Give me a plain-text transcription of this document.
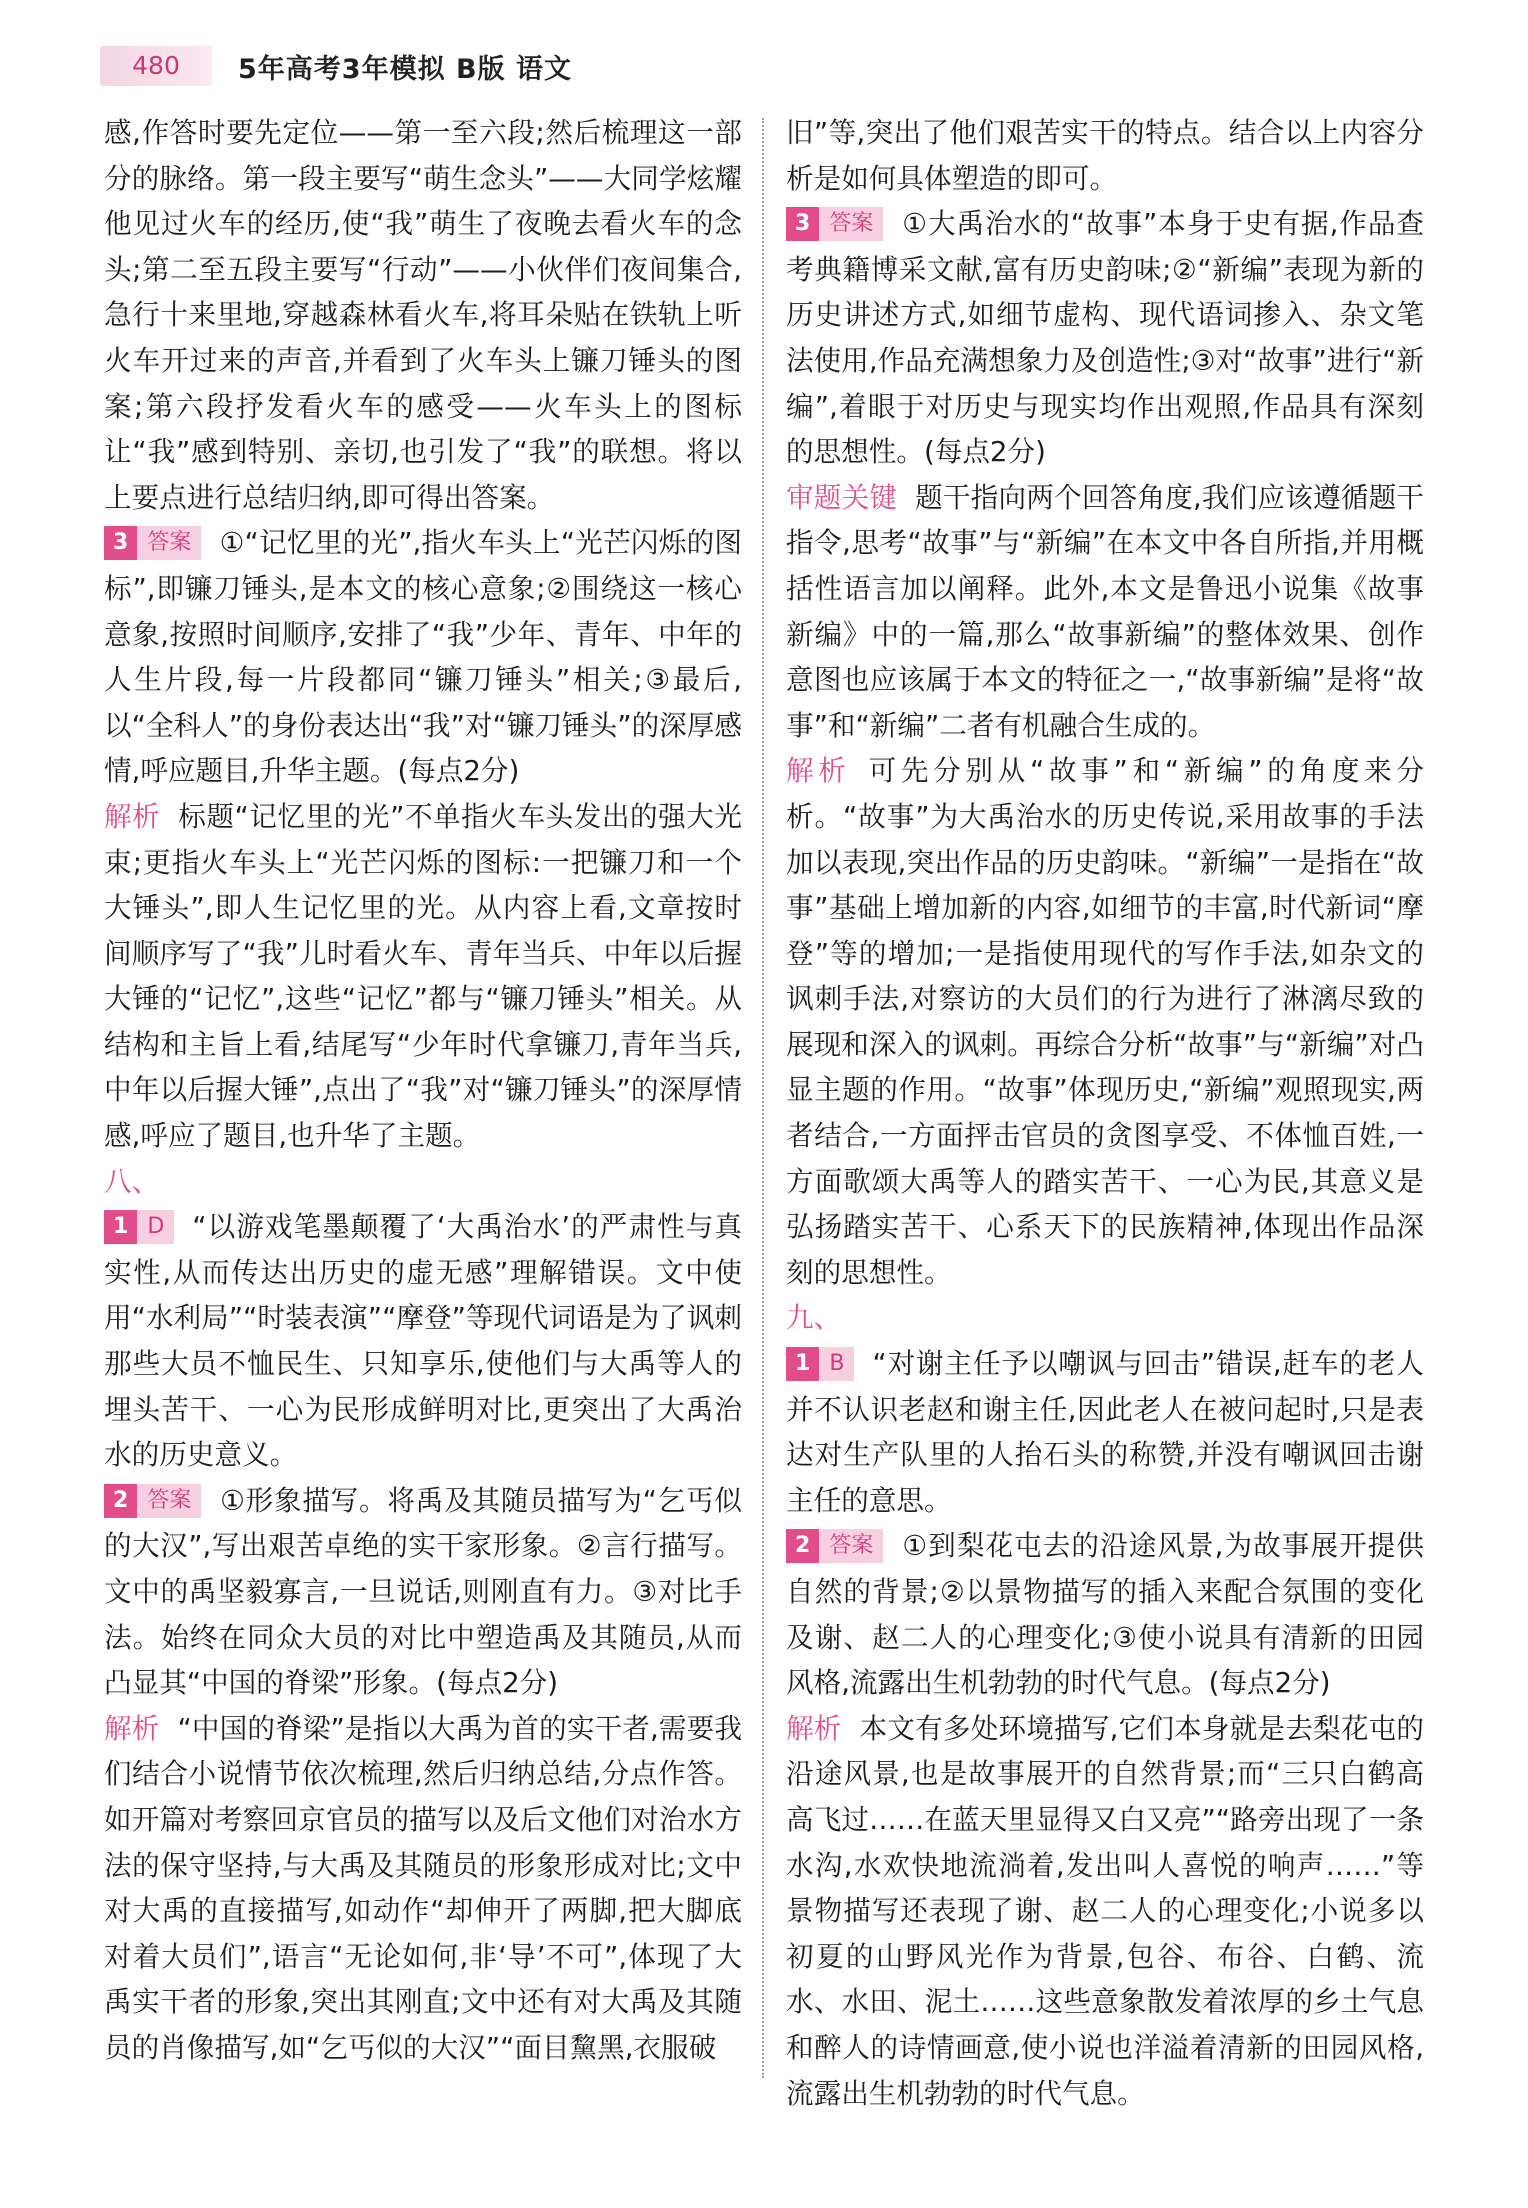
480	5年高考3年模拟 B版 语文

感,作答时要先定位——第一至六段;然后梳理这一部分的脉络。第一段主要写“萌生念头”——大同学炫耀他见过火车的经历,使“我”萌生了夜晚去看火车的念头;第二至五段主要写“行动”——小伙伴们夜间集合,急行十来里地,穿越森林看火车,将耳朵贴在铁轨上听火车开过来的声音,并看到了火车头上镰刀锤头的图案;第六段抒发看火车的感受——火车头上的图标让“我”感到特别、亲切,也引发了“我”的联想。将以上要点进行总结归纳,即可得出答案。

3 答案 ①“记忆里的光”,指火车头上“光芒闪烁的图标”,即镰刀锤头,是本文的核心意象;②围绕这一核心意象,按照时间顺序,安排了“我”少年、青年、中年的人生片段,每一片段都同“镰刀锤头”相关;③最后,以“全科人”的身份表达出“我”对“镰刀锤头”的深厚感情,呼应题目,升华主题。(每点2分)

解析 标题“记忆里的光”不单指火车头发出的强大光束;更指火车头上“光芒闪烁的图标:一把镰刀和一个大锤头”,即人生记忆里的光。从内容上看,文章按时间顺序写了“我”儿时看火车、青年当兵、中年以后握大锤的“记忆”,这些“记忆”都与“镰刀锤头”相关。从结构和主旨上看,结尾写“少年时代拿镰刀,青年当兵,中年以后握大锤”,点出了“我”对“镰刀锤头”的深厚情感,呼应了题目,也升华了主题。

八、

1 D “以游戏笔墨颠覆了‘大禹治水’的严肃性与真实性,从而传达出历史的虚无感”理解错误。文中使用“水利局”“时装表演”“摩登”等现代词语是为了讽刺那些大员不恤民生、只知享乐,使他们与大禹等人的埋头苦干、一心为民形成鲜明对比,更突出了大禹治水的历史意义。

2 答案 ①形象描写。将禹及其随员描写为“乞丐似的大汉”,写出艰苦卓绝的实干家形象。②言行描写。文中的禹坚毅寡言,一旦说话,则刚直有力。③对比手法。始终在同众大员的对比中塑造禹及其随员,从而凸显其“中国的脊梁”形象。(每点2分)

解析 “中国的脊梁”是指以大禹为首的实干者,需要我们结合小说情节依次梳理,然后归纳总结,分点作答。如开篇对考察回京官员的描写以及后文他们对治水方法的保守坚持,与大禹及其随员的形象形成对比;文中对大禹的直接描写,如动作“却伸开了两脚,把大脚底对着大员们”,语言“无论如何,非‘导’不可”,体现了大禹实干者的形象,突出其刚直;文中还有对大禹及其随员的肖像描写,如“乞丐似的大汉”“面目黧黑,衣服破

旧”等,突出了他们艰苦实干的特点。结合以上内容分析是如何具体塑造的即可。

3 答案 ①大禹治水的“故事”本身于史有据,作品查考典籍博采文献,富有历史韵味;②“新编”表现为新的历史讲述方式,如细节虚构、现代语词掺入、杂文笔法使用,作品充满想象力及创造性;③对“故事”进行“新编”,着眼于对历史与现实均作出观照,作品具有深刻的思想性。(每点2分)

审题关键 题干指向两个回答角度,我们应该遵循题干指令,思考“故事”与“新编”在本文中各自所指,并用概括性语言加以阐释。此外,本文是鲁迅小说集《故事新编》中的一篇,那么“故事新编”的整体效果、创作意图也应该属于本文的特征之一,“故事新编”是将“故事”和“新编”二者有机融合生成的。

解析 可先分别从“故事”和“新编”的角度来分析。“故事”为大禹治水的历史传说,采用故事的手法加以表现,突出作品的历史韵味。“新编”一是指在“故事”基础上增加新的内容,如细节的丰富,时代新词“摩登”等的增加;一是指使用现代的写作手法,如杂文的讽刺手法,对察访的大员们的行为进行了淋漓尽致的展现和深入的讽刺。再综合分析“故事”与“新编”对凸显主题的作用。“故事”体现历史,“新编”观照现实,两者结合,一方面抨击官员的贪图享受、不体恤百姓,一方面歌颂大禹等人的踏实苦干、一心为民,其意义是弘扬踏实苦干、心系天下的民族精神,体现出作品深刻的思想性。

九、

1 B “对谢主任予以嘲讽与回击”错误,赶车的老人并不认识老赵和谢主任,因此老人在被问起时,只是表达对生产队里的人抬石头的称赞,并没有嘲讽回击谢主任的意思。

2 答案 ①到梨花屯去的沿途风景,为故事展开提供自然的背景;②以景物描写的插入来配合氛围的变化及谢、赵二人的心理变化;③使小说具有清新的田园风格,流露出生机勃勃的时代气息。(每点2分)

解析 本文有多处环境描写,它们本身就是去梨花屯的沿途风景,也是故事展开的自然背景;而“三只白鹤高高飞过……在蓝天里显得又白又亮”“路旁出现了一条水沟,水欢快地流淌着,发出叫人喜悦的响声……”等景物描写还表现了谢、赵二人的心理变化;小说多以初夏的山野风光作为背景,包谷、布谷、白鹤、流水、水田、泥土……这些意象散发着浓厚的乡土气息和醉人的诗情画意,使小说也洋溢着清新的田园风格,流露出生机勃勃的时代气息。
